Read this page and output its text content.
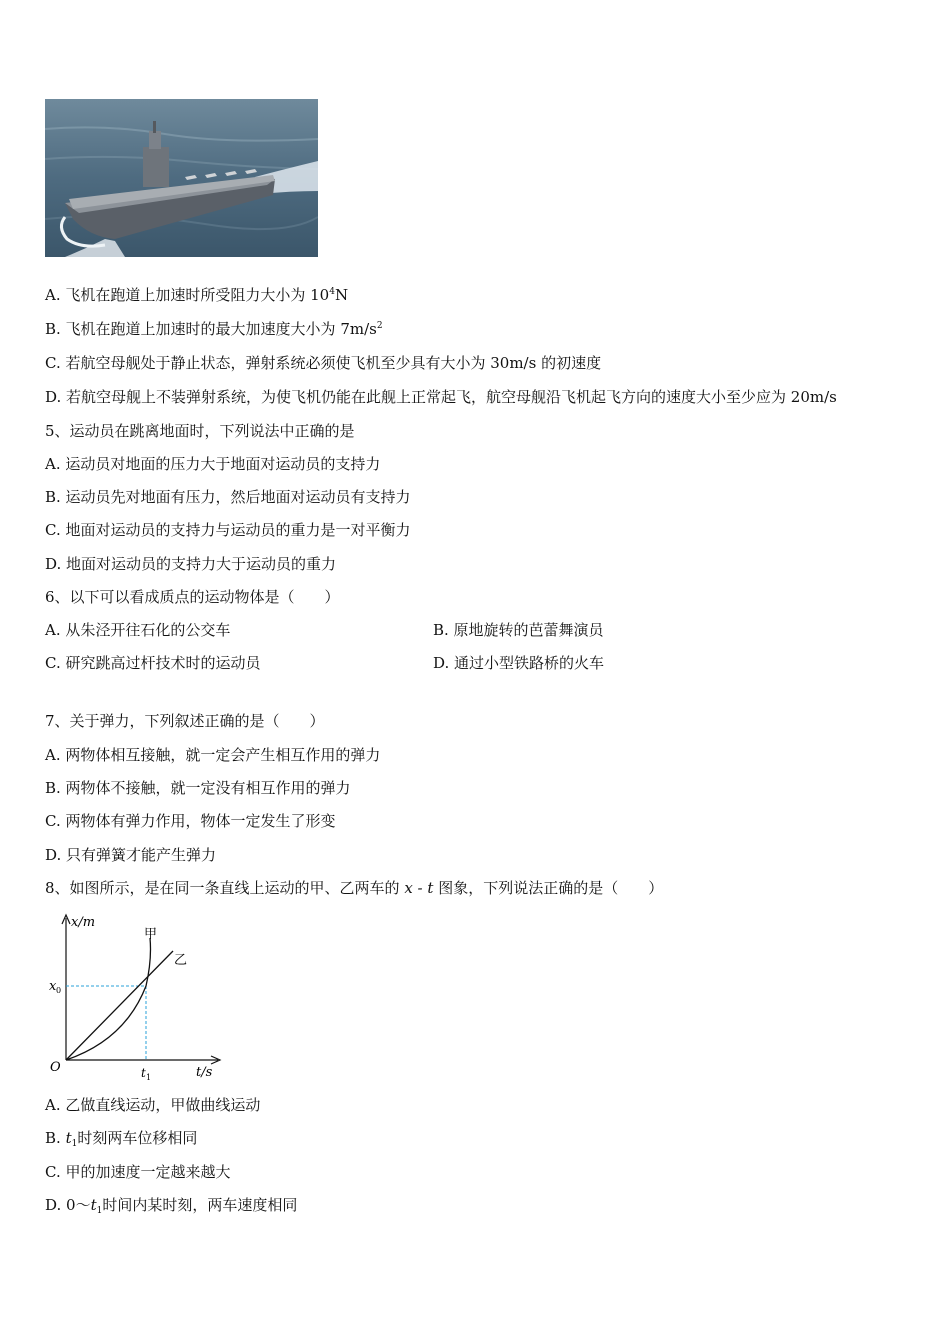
A. 飞机在跑道上加速时所受阻力大小为 $10^4N$
B. 飞机在跑道上加速时的最大加速度大小为 $7m/s^2$
C. 若航空母舰处于静止状态，弹射系统必须使飞机至少具有大小为 30m/s 的初速度
D. 若航空母舰上不装弹射系统，为使飞机仍能在此舰上正常起飞，航空母舰沿飞机起飞方向的速度大小至少应为 20m/s
5、运动员在跳离地面时，下列说法中正确的是
A. 运动员对地面的压力大于地面对运动员的支持力
B. 运动员先对地面有压力，然后地面对运动员有支持力
C. 地面对运动员的支持力与运动员的重力是一对平衡力
D. 地面对运动员的支持力大于运动员的重力
6、以下可以看成质点的运动物体是（　　）
A. 从朱泾开往石化的公交车	B. 原地旋转的芭蕾舞演员
C. 研究跳高过杆技术时的运动员	D. 通过小型铁路桥的火车
7、关于弹力，下列叙述正确的是（　　）
A. 两物体相互接触，就一定会产生相互作用的弹力
B. 两物体不接触，就一定没有相互作用的弹力
C. 两物体有弹力作用，物体一定发生了形变
D. 只有弹簧才能产生弹力
8、如图所示，是在同一条直线上运动的甲、乙两车的 x - t 图象，下列说法正确的是（　　）
x/m
t/s
O
x 0
t 1
甲
乙
A. 乙做直线运动，甲做曲线运动
B. $t_1$时刻两车位移相同
C. 甲的加速度一定越来越大
D. $0\sim t_1$时间内某时刻，两车速度相同
